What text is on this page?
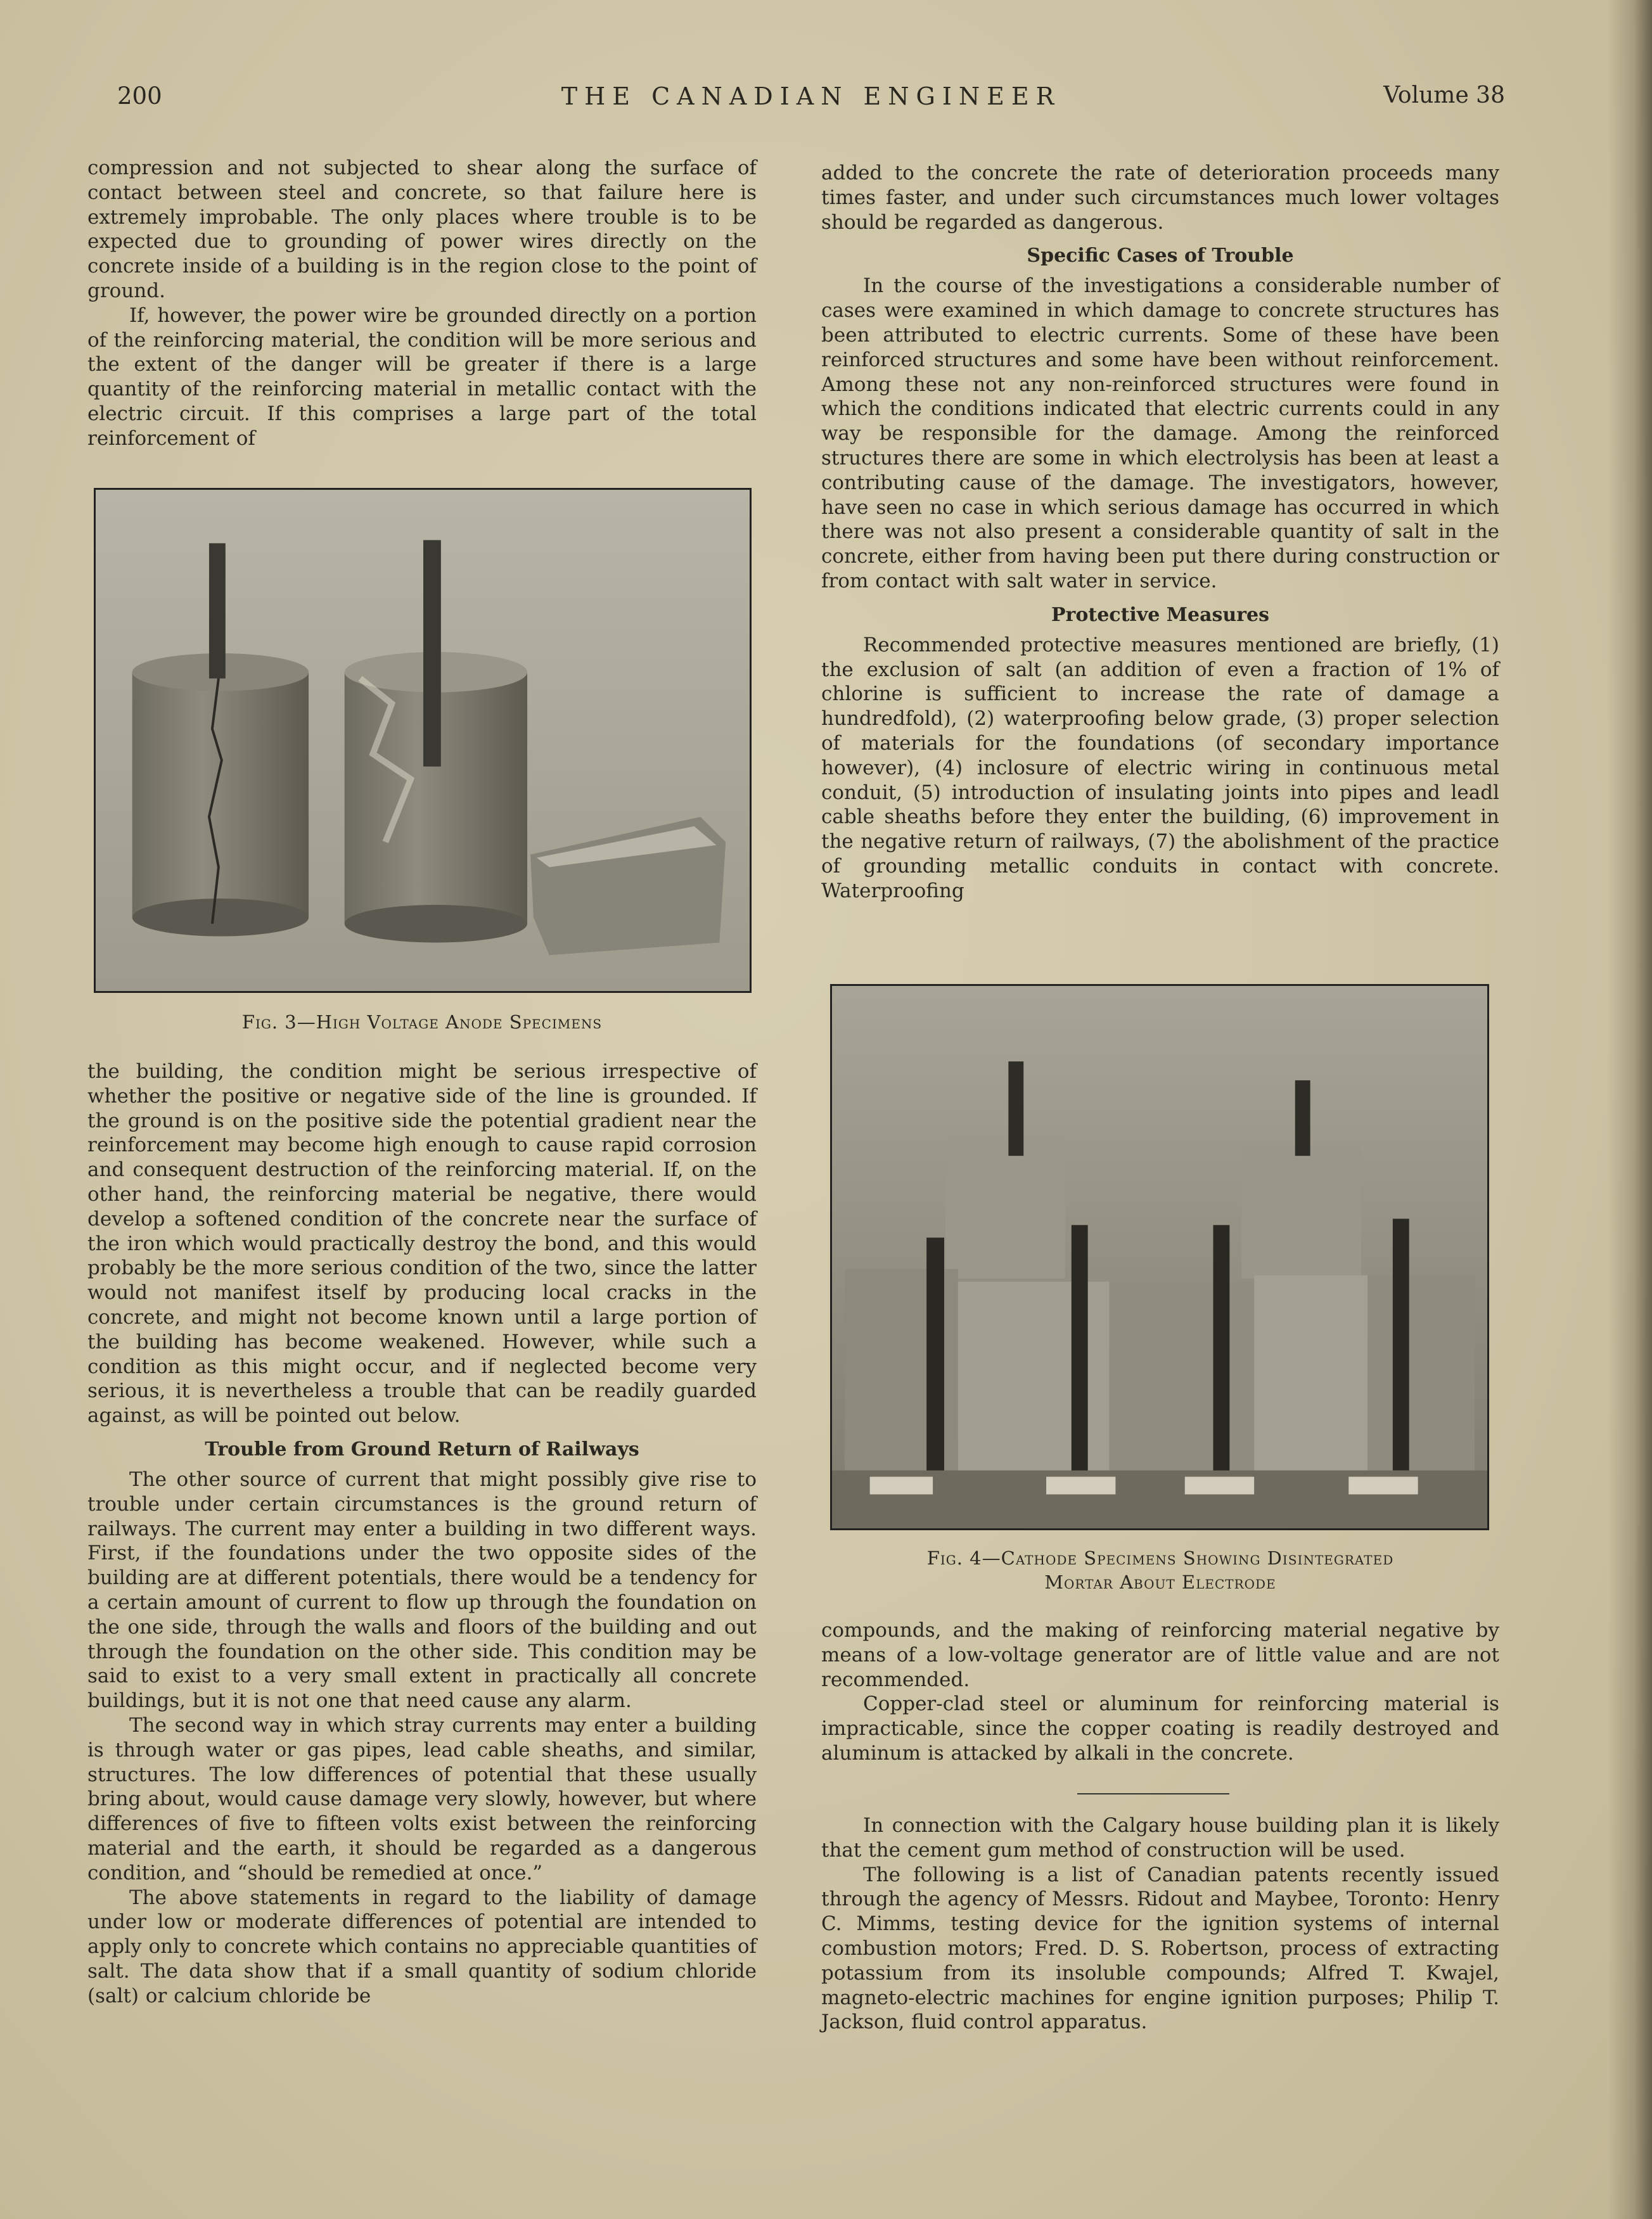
200	THE CANADIAN ENGINEER	Volume 38

compression and not subjected to shear along the surface of contact between steel and concrete, so that failure here is extremely improbable. The only places where trouble is to be expected due to grounding of power wires directly on the concrete inside of a building is in the region close to the point of ground.

If, however, the power wire be grounded directly on a portion of the reinforcing material, the condition will be more serious and the extent of the danger will be greater if there is a large quantity of the reinforcing material in metallic contact with the electric circuit. If this comprises a large part of the total reinforcement of

Fig. 3—High Voltage Anode Specimens

the building, the condition might be serious irrespective of whether the positive or negative side of the line is grounded. If the ground is on the positive side the potential gradient near the reinforcement may become high enough to cause rapid corrosion and consequent destruction of the reinforcing material. If, on the other hand, the reinforcing material be negative, there would develop a softened condition of the concrete near the surface of the iron which would practically destroy the bond, and this would probably be the more serious condition of the two, since the latter would not manifest itself by producing local cracks in the concrete, and might not become known until a large portion of the building has become weakened. However, while such a condition as this might occur, and if neglected become very serious, it is nevertheless a trouble that can be readily guarded against, as will be pointed out below.

Trouble from Ground Return of Railways

The other source of current that might possibly give rise to trouble under certain circumstances is the ground return of railways. The current may enter a building in two different ways. First, if the foundations under the two opposite sides of the building are at different potentials, there would be a tendency for a certain amount of current to flow up through the foundation on the one side, through the walls and floors of the building and out through the foundation on the other side. This condition may be said to exist to a very small extent in practically all concrete buildings, but it is not one that need cause any alarm.

The second way in which stray currents may enter a building is through water or gas pipes, lead cable sheaths, and similar, structures. The low differences of potential that these usually bring about, would cause damage very slowly, however, but where differences of five to fifteen volts exist between the reinforcing material and the earth, it should be regarded as a dangerous condition, and “should be remedied at once.”

The above statements in regard to the liability of damage under low or moderate differences of potential are intended to apply only to concrete which contains no appreciable quantities of salt. The data show that if a small quantity of sodium chloride (salt) or calcium chloride be

added to the concrete the rate of deterioration proceeds many times faster, and under such circumstances much lower voltages should be regarded as dangerous.

Specific Cases of Trouble

In the course of the investigations a considerable number of cases were examined in which damage to concrete structures has been attributed to electric currents. Some of these have been reinforced structures and some have been without reinforcement. Among these not any non-reinforced structures were found in which the conditions indicated that electric currents could in any way be responsible for the damage. Among the reinforced structures there are some in which electrolysis has been at least a contributing cause of the damage. The investigators, however, have seen no case in which serious damage has occurred in which there was not also present a considerable quantity of salt in the concrete, either from having been put there during construction or from contact with salt water in service.

Protective Measures

Recommended protective measures mentioned are briefly, (1) the exclusion of salt (an addition of even a fraction of 1% of chlorine is sufficient to increase the rate of damage a hundredfold), (2) waterproofing below grade, (3) proper selection of materials for the foundations (of secondary importance however), (4) inclosure of electric wiring in continuous metal conduit, (5) introduction of insulating joints into pipes and leadl cable sheaths before they enter the building, (6) improvement in the negative return of railways, (7) the abolishment of the practice of grounding metallic conduits in contact with concrete. Waterproofing

Fig. 4—Cathode Specimens Showing Disintegrated

Mortar About Electrode

compounds, and the making of reinforcing material negative by means of a low-voltage generator are of little value and are not recommended.

Copper-clad steel or aluminum for reinforcing material is impracticable, since the copper coating is readily destroyed and aluminum is attacked by alkali in the concrete.

In connection with the Calgary house building plan it is likely that the cement gum method of construction will be used.

The following is a list of Canadian patents recently issued through the agency of Messrs. Ridout and Maybee, Toronto: Henry C. Mimms, testing device for the ignition systems of internal combustion motors; Fred. D. S. Robertson, process of extracting potassium from its insoluble compounds; Alfred T. Kwajel, magneto-electric machines for engine ignition purposes; Philip T. Jackson, fluid control apparatus.
